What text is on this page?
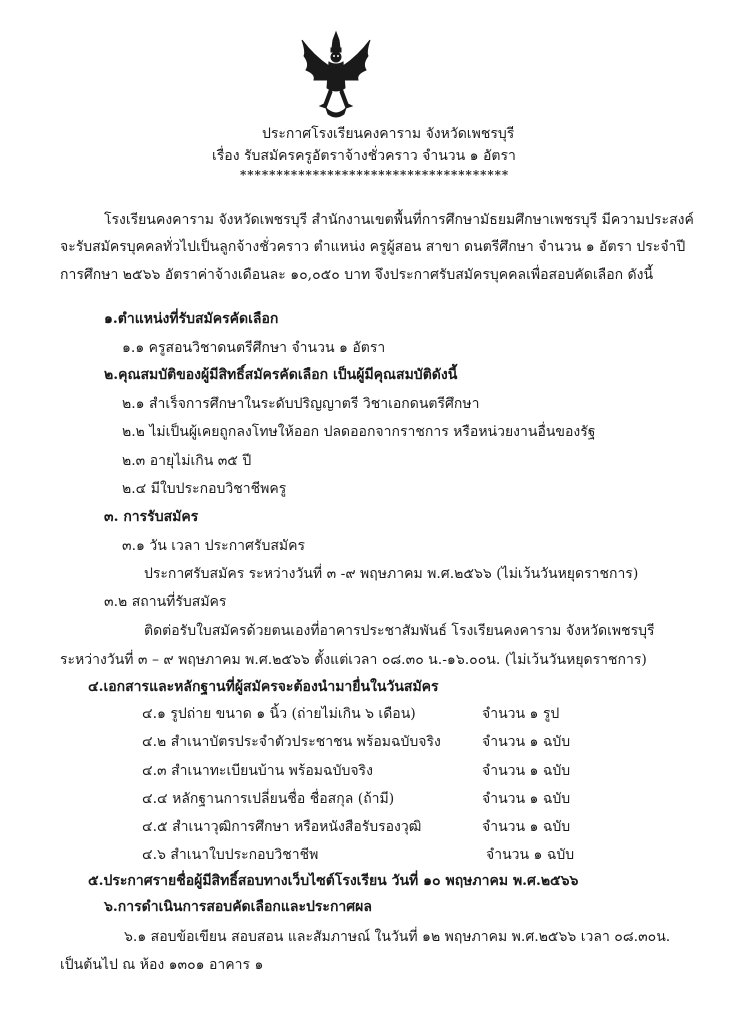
ประกาศโรงเรียนคงคาราม จังหวัดเพชรบุรี
เรื่อง รับสมัครครูอัตราจ้างชั่วคราว จำนวน ๑ อัตรา
*************************************
โรงเรียนคงคาราม จังหวัดเพชรบุรี สำนักงานเขตพื้นที่การศึกษามัธยมศึกษาเพชรบุรี มีความประสงค์
จะรับสมัครบุคคลทั่วไปเป็นลูกจ้างชั่วคราว ตำแหน่ง ครูผู้สอน สาขา ดนตรีศึกษา จำนวน ๑ อัตรา ประจำปี
การศึกษา ๒๕๖๖ อัตราค่าจ้างเดือนละ ๑๐,๐๕๐ บาท จึงประกาศรับสมัครบุคคลเพื่อสอบคัดเลือก ดังนี้
๑.ตำแหน่งที่รับสมัครคัดเลือก
๑.๑ ครูสอนวิชาดนตรีศึกษา จำนวน ๑ อัตรา
๒.คุณสมบัติของผู้มีสิทธิ์สมัครคัดเลือก เป็นผู้มีคุณสมบัติดังนี้
๒.๑ สำเร็จการศึกษาในระดับปริญญาตรี วิชาเอกดนตรีศึกษา
๒.๒ ไม่เป็นผู้เคยถูกลงโทษให้ออก ปลดออกจากราชการ หรือหน่วยงานอื่นของรัฐ
๒.๓ อายุไม่เกิน ๓๕ ปี
๒.๔ มีใบประกอบวิชาชีพครู
๓. การรับสมัคร
๓.๑ วัน เวลา ประกาศรับสมัคร
ประกาศรับสมัคร ระหว่างวันที่ ๓ -๙ พฤษภาคม พ.ศ.๒๕๖๖ (ไม่เว้นวันหยุดราชการ)
๓.๒ สถานที่รับสมัคร
ติดต่อรับใบสมัครด้วยตนเองที่อาคารประชาสัมพันธ์ โรงเรียนคงคาราม จังหวัดเพชรบุรี
ระหว่างวันที่ ๓ – ๙ พฤษภาคม พ.ศ.๒๕๖๖ ตั้งแต่เวลา ๐๘.๓๐ น.-๑๖.๐๐น. (ไม่เว้นวันหยุดราชการ)
๔.เอกสารและหลักฐานที่ผู้สมัครจะต้องนำมายื่นในวันสมัคร
๔.๑ รูปถ่าย ขนาด ๑ นิ้ว (ถ่ายไม่เกิน ๖ เดือน)	จำนวน ๑ รูป
๔.๒ สำเนาบัตรประจำตัวประชาชน พร้อมฉบับจริง	จำนวน ๑ ฉบับ
๔.๓ สำเนาทะเบียนบ้าน พร้อมฉบับจริง	จำนวน ๑ ฉบับ
๔.๔ หลักฐานการเปลี่ยนชื่อ ชื่อสกุล (ถ้ามี)	จำนวน ๑ ฉบับ
๔.๕ สำเนาวุฒิการศึกษา หรือหนังสือรับรองวุฒิ	จำนวน ๑ ฉบับ
๔.๖ สำเนาใบประกอบวิชาชีพ	จำนวน ๑ ฉบับ
๕.ประกาศรายชื่อผู้มีสิทธิ์สอบทางเว็บไซต์โรงเรียน วันที่ ๑๐ พฤษภาคม พ.ศ.๒๕๖๖
๖.การดำเนินการสอบคัดเลือกและประกาศผล
๖.๑ สอบข้อเขียน สอบสอน และสัมภาษณ์ ในวันที่ ๑๒ พฤษภาคม พ.ศ.๒๕๖๖ เวลา ๐๘.๓๐น.
เป็นต้นไป ณ ห้อง ๑๓๐๑ อาคาร ๑
